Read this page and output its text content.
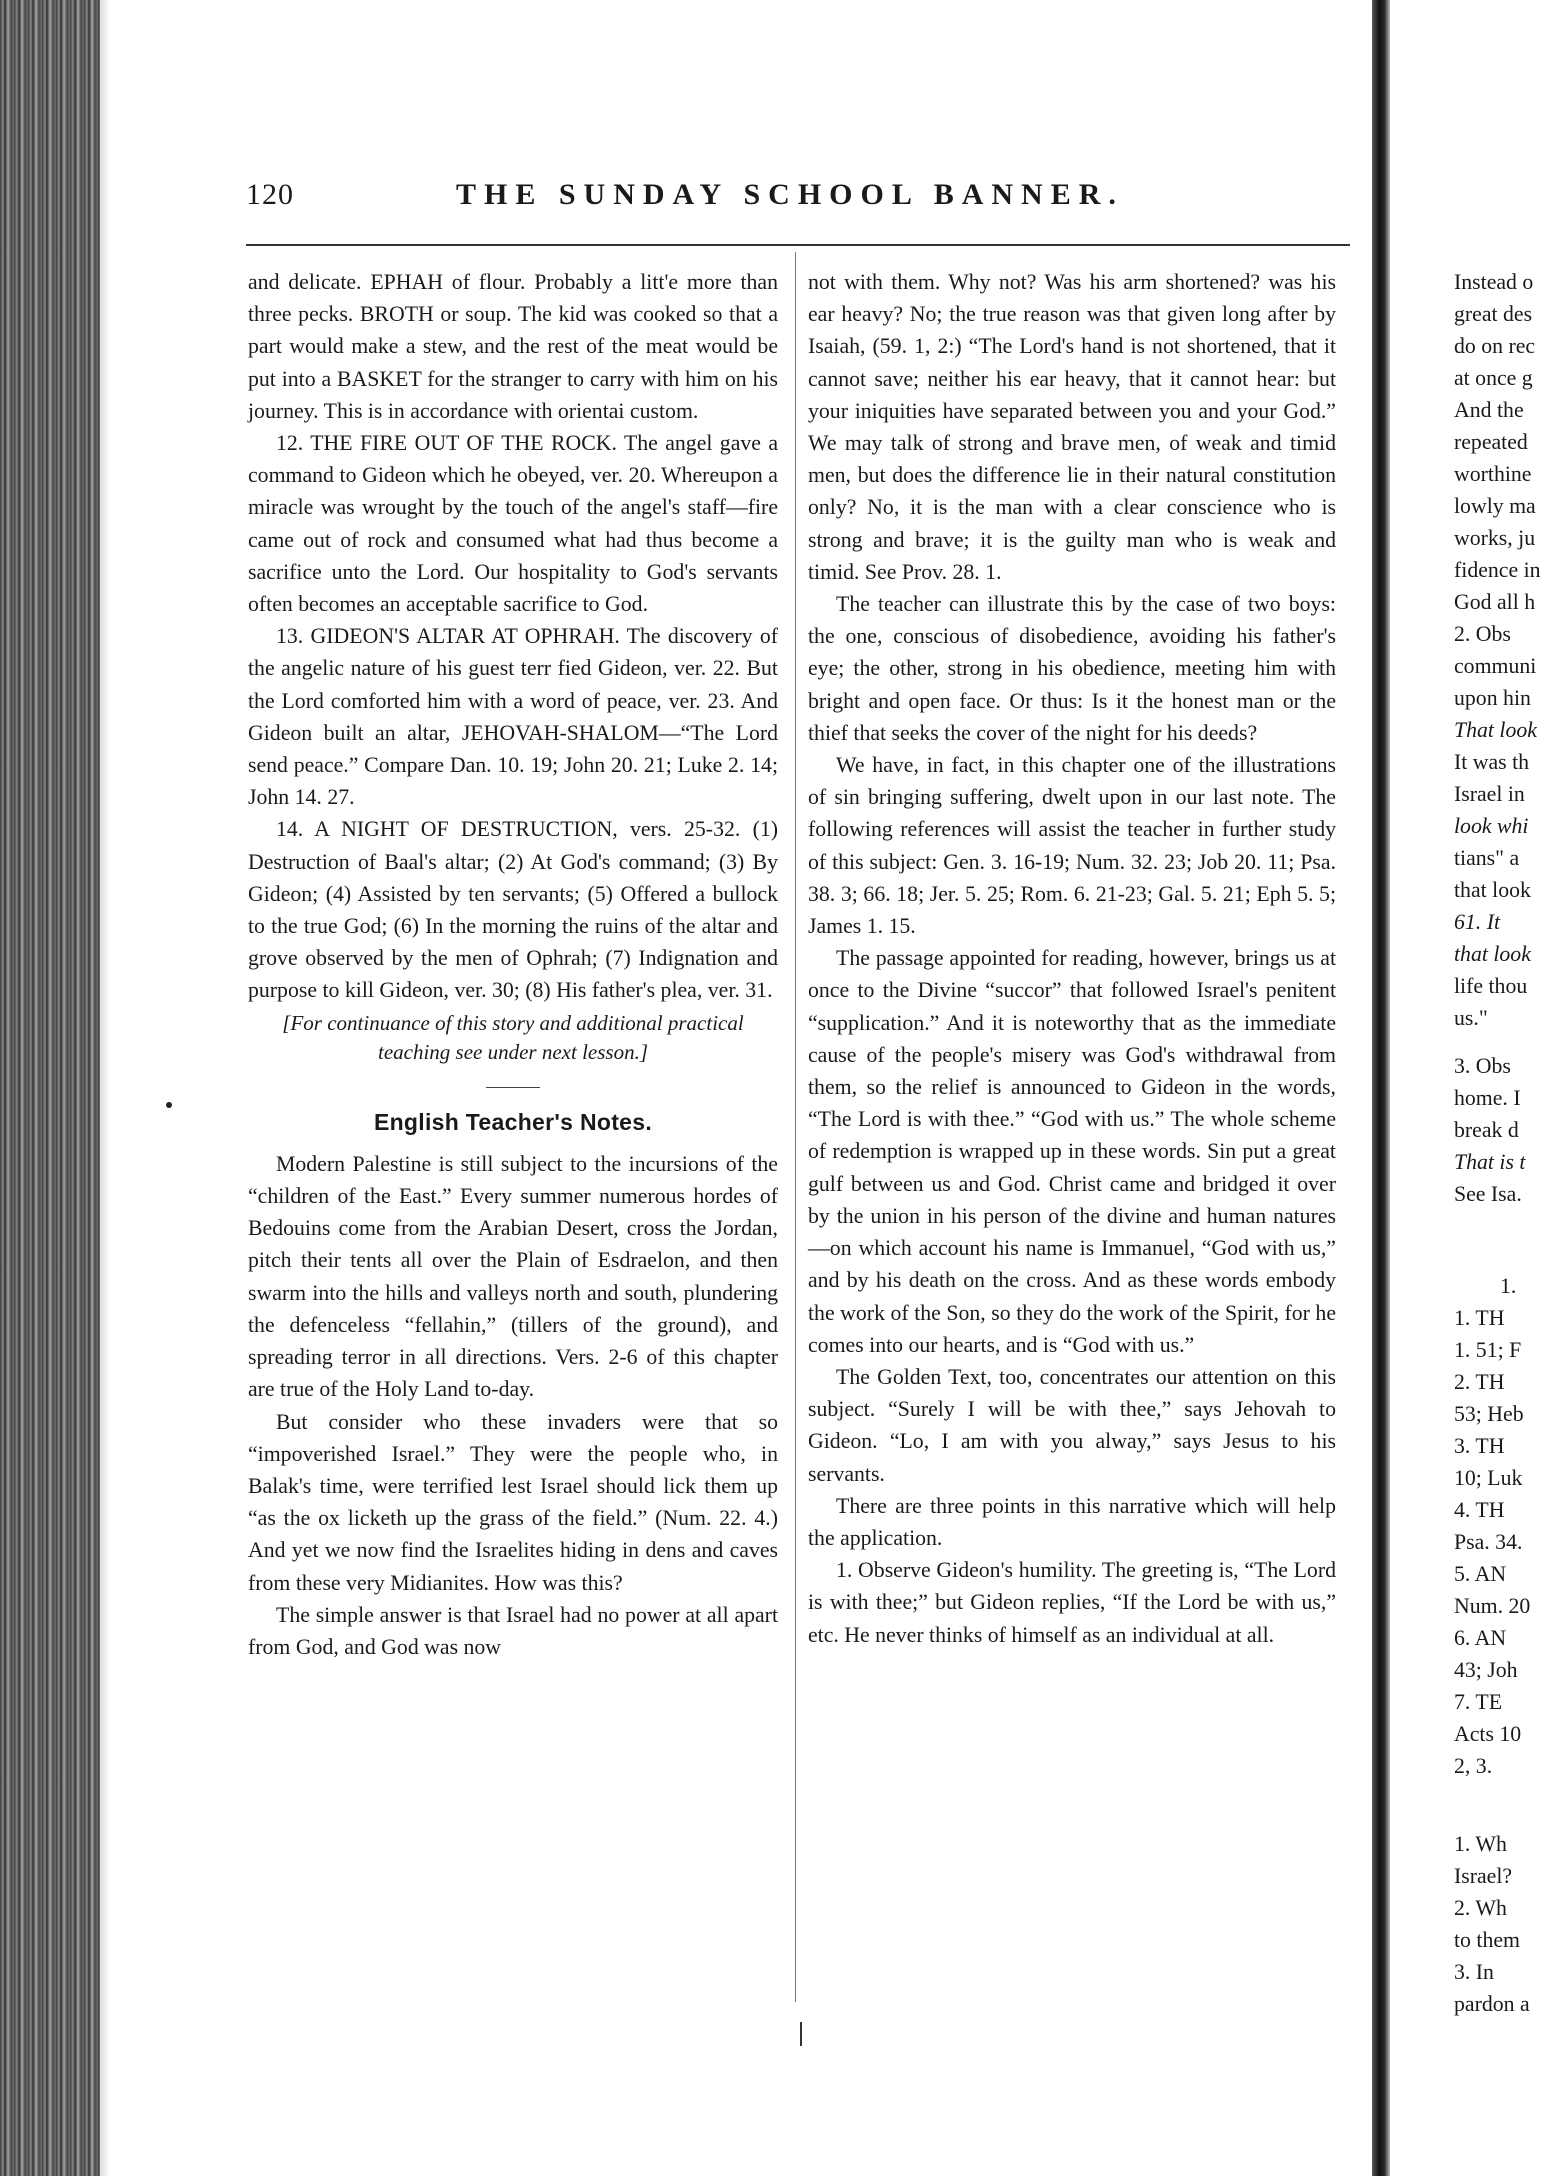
120	THE SUNDAY SCHOOL BANNER.

and delicate. EPHAH of flour. Probably a litt'e more than three pecks. BROTH or soup. The kid was cooked so that a part would make a stew, and the rest of the meat would be put into a BASKET for the stranger to carry with him on his journey. This is in accordance with orientai custom.

12. THE FIRE OUT OF THE ROCK. The angel gave a command to Gideon which he obeyed, ver. 20. Whereupon a miracle was wrought by the touch of the angel's staff—fire came out of rock and consumed what had thus become a sacrifice unto the Lord. Our hospitality to God's servants often becomes an acceptable sacrifice to God.

13. GIDEON'S ALTAR AT OPHRAH. The discovery of the angelic nature of his guest terr fied Gideon, ver. 22. But the Lord comforted him with a word of peace, ver. 23. And Gideon built an altar, JEHOVAH-SHALOM—“The Lord send peace.” Compare Dan. 10. 19; John 20. 21; Luke 2. 14; John 14. 27.

14. A NIGHT OF DESTRUCTION, vers. 25-32. (1) Destruction of Baal's altar; (2) At God's command; (3) By Gideon; (4) Assisted by ten servants; (5) Offered a bullock to the true God; (6) In the morning the ruins of the altar and grove observed by the men of Ophrah; (7) Indignation and purpose to kill Gideon, ver. 30; (8) His father's plea, ver. 31.

[For continuance of this story and additional practical teaching see under next lesson.]

English Teacher's Notes.

Modern Palestine is still subject to the incursions of the “children of the East.” Every summer numerous hordes of Bedouins come from the Arabian Desert, cross the Jordan, pitch their tents all over the Plain of Esdraelon, and then swarm into the hills and valleys north and south, plundering the defenceless “fellahin,” (tillers of the ground), and spreading terror in all directions. Vers. 2-6 of this chapter are true of the Holy Land to-day.

But consider who these invaders were that so “impoverished Israel.” They were the people who, in Balak's time, were terrified lest Israel should lick them up “as the ox licketh up the grass of the field.” (Num. 22. 4.) And yet we now find the Israelites hiding in dens and caves from these very Midianites. How was this?

The simple answer is that Israel had no power at all apart from God, and God was now

not with them. Why not? Was his arm shortened? was his ear heavy? No; the true reason was that given long after by Isaiah, (59. 1, 2:) “The Lord's hand is not shortened, that it cannot save; neither his ear heavy, that it cannot hear: but your iniquities have separated between you and your God.” We may talk of strong and brave men, of weak and timid men, but does the difference lie in their natural constitution only? No, it is the man with a clear conscience who is strong and brave; it is the guilty man who is weak and timid. See Prov. 28. 1.

The teacher can illustrate this by the case of two boys: the one, conscious of disobedience, avoiding his father's eye; the other, strong in his obedience, meeting him with bright and open face. Or thus: Is it the honest man or the thief that seeks the cover of the night for his deeds?

We have, in fact, in this chapter one of the illustrations of sin bringing suffering, dwelt upon in our last note. The following references will assist the teacher in further study of this subject: Gen. 3. 16-19; Num. 32. 23; Job 20. 11; Psa. 38. 3; 66. 18; Jer. 5. 25; Rom. 6. 21-23; Gal. 5. 21; Eph 5. 5; James 1. 15.

The passage appointed for reading, however, brings us at once to the Divine “succor” that followed Israel's penitent “supplication.” And it is noteworthy that as the immediate cause of the people's misery was God's withdrawal from them, so the relief is announced to Gideon in the words, “The Lord is with thee.” “God with us.” The whole scheme of redemption is wrapped up in these words. Sin put a great gulf between us and God. Christ came and bridged it over by the union in his person of the divine and human natures—on which account his name is Immanuel, “God with us,” and by his death on the cross. And as these words embody the work of the Son, so they do the work of the Spirit, for he comes into our hearts, and is “God with us.”

The Golden Text, too, concentrates our attention on this subject. “Surely I will be with thee,” says Jehovah to Gideon. “Lo, I am with you alway,” says Jesus to his servants.

There are three points in this narrative which will help the application.

1. Observe Gideon's humility. The greeting is, “The Lord is with thee;” but Gideon replies, “If the Lord be with us,” etc. He never thinks of himself as an individual at all.

Instead o
great des
do on rec
at once g
And the
repeated
worthine
lowly ma
works, ju
fidence in
God all h
2. Obs
communi
upon hin
That look
It was th
Israel in
look whi
tians" a
that look
61. It
that look
life thou
us."
3. Obs
home. I
break d
That is t
See Isa.
1.
1. TH
1. 51; F
2. TH
53; Heb
3. TH
10; Luk
4. TH
Psa. 34.
5. AN
Num. 20
6. AN
43; Joh
7. TE
Acts 10
2, 3.
1. Wh
Israel?
2. Wh
to them
3. In
pardon a
